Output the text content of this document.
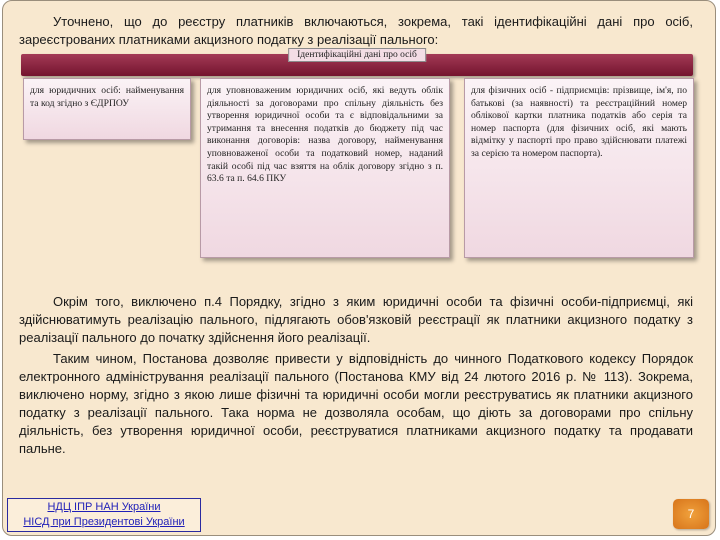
Уточнено, що до реєстру платників включаються, зокрема, такі ідентифікаційні дані про осіб, зареєстрованих платниками акцизного податку з реалізації пального:

Ідентифікаційні дані про осіб
для юридичних осіб: найменування та код згідно з ЄДРПОУ
для уповноваженим юридичних осіб, які ведуть облік діяльності за договорами про спільну діяльність без утворення юридичної особи та є відповідальними за утримання та внесення податків до бюджету під час виконання договорів: назва договору, найменування уповноваженої особи та податковий номер, наданий такій особі під час взяття на облік договору згідно з п. 63.6 та п. 64.6 ПКУ
для фізичних осіб - підприємців: прізвище, ім'я, по батькові (за наявності) та реєстраційний номер облікової картки платника податків або серія та номер паспорта (для фізичних осіб, які мають відмітку у паспорті про право здійснювати платежі за серією та номером паспорта).

Окрім того, виключено п.4 Порядку, згідно з яким юридичні особи та фізичні особи-підприємці, які здійснюватимуть реалізацію пального, підлягають обов'язковій реєстрації як платники акцизного податку з реалізації пального до початку здійснення його реалізації.

Таким чином, Постанова дозволяє привести у відповідність до чинного Податкового кодексу Порядок електронного адміністрування реалізації пального (Постанова КМУ від 24 лютого 2016 р. № 113). Зокрема, виключено норму, згідно з якою лише фізичні та юридичні особи могли реєструватись як платники акцизного податку з реалізації пального. Така норма не дозволяла особам, що діють за договорами про спільну діяльність, без утворення юридичної особи, реєструватися платниками акцизного податку та продавати пальне.

НДЦ ІПР НАН України
НІСД при Президентові України
7
